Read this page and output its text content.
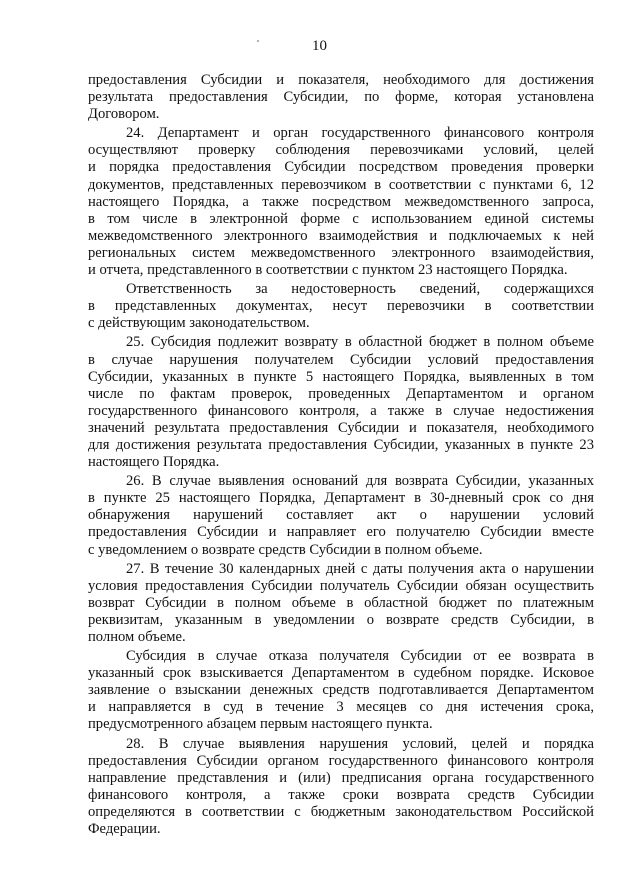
10
предоставления Субсидии и показателя, необходимого для достижения
результата предоставления Субсидии, по форме, которая установлена
Договором.
24. Департамент и орган государственного финансового контроля
осуществляют проверку соблюдения перевозчиками условий, целей
и порядка предоставления Субсидии посредством проведения проверки
документов, представленных перевозчиком в соответствии с пунктами 6, 12
настоящего Порядка, а также посредством межведомственного запроса,
в том числе в электронной форме с использованием единой системы
межведомственного электронного взаимодействия и подключаемых к ней
региональных систем межведомственного электронного взаимодействия,
и отчета, представленного в соответствии с пунктом 23 настоящего Порядка.
Ответственность за недостоверность сведений, содержащихся
в представленных документах, несут перевозчики в соответствии
с действующим законодательством.
25. Субсидия подлежит возврату в областной бюджет в полном объеме
в случае нарушения получателем Субсидии условий предоставления
Субсидии, указанных в пункте 5 настоящего Порядка, выявленных в том
числе по фактам проверок, проведенных Департаментом и органом
государственного финансового контроля, а также в случае недостижения
значений результата предоставления Субсидии и показателя, необходимого
для достижения результата предоставления Субсидии, указанных в пункте 23
настоящего Порядка.
26. В случае выявления оснований для возврата Субсидии, указанных
в пункте 25 настоящего Порядка, Департамент в 30-дневный срок со дня
обнаружения нарушений составляет акт о нарушении условий
предоставления Субсидии и направляет его получателю Субсидии вместе
с уведомлением о возврате средств Субсидии в полном объеме.
27. В течение 30 календарных дней с даты получения акта о нарушении
условия предоставления Субсидии получатель Субсидии обязан осуществить
возврат Субсидии в полном объеме в областной бюджет по платежным
реквизитам, указанным в уведомлении о возврате средств Субсидии, в
полном объеме.
Субсидия в случае отказа получателя Субсидии от ее возврата в
указанный срок взыскивается Департаментом в судебном порядке. Исковое
заявление о взыскании денежных средств подготавливается Департаментом
и направляется в суд в течение 3 месяцев со дня истечения срока,
предусмотренного абзацем первым настоящего пункта.
28. В случае выявления нарушения условий, целей и порядка
предоставления Субсидии органом государственного финансового контроля
направление представления и (или) предписания органа государственного
финансового контроля, а также сроки возврата средств Субсидии
определяются в соответствии с бюджетным законодательством Российской
Федерации.
